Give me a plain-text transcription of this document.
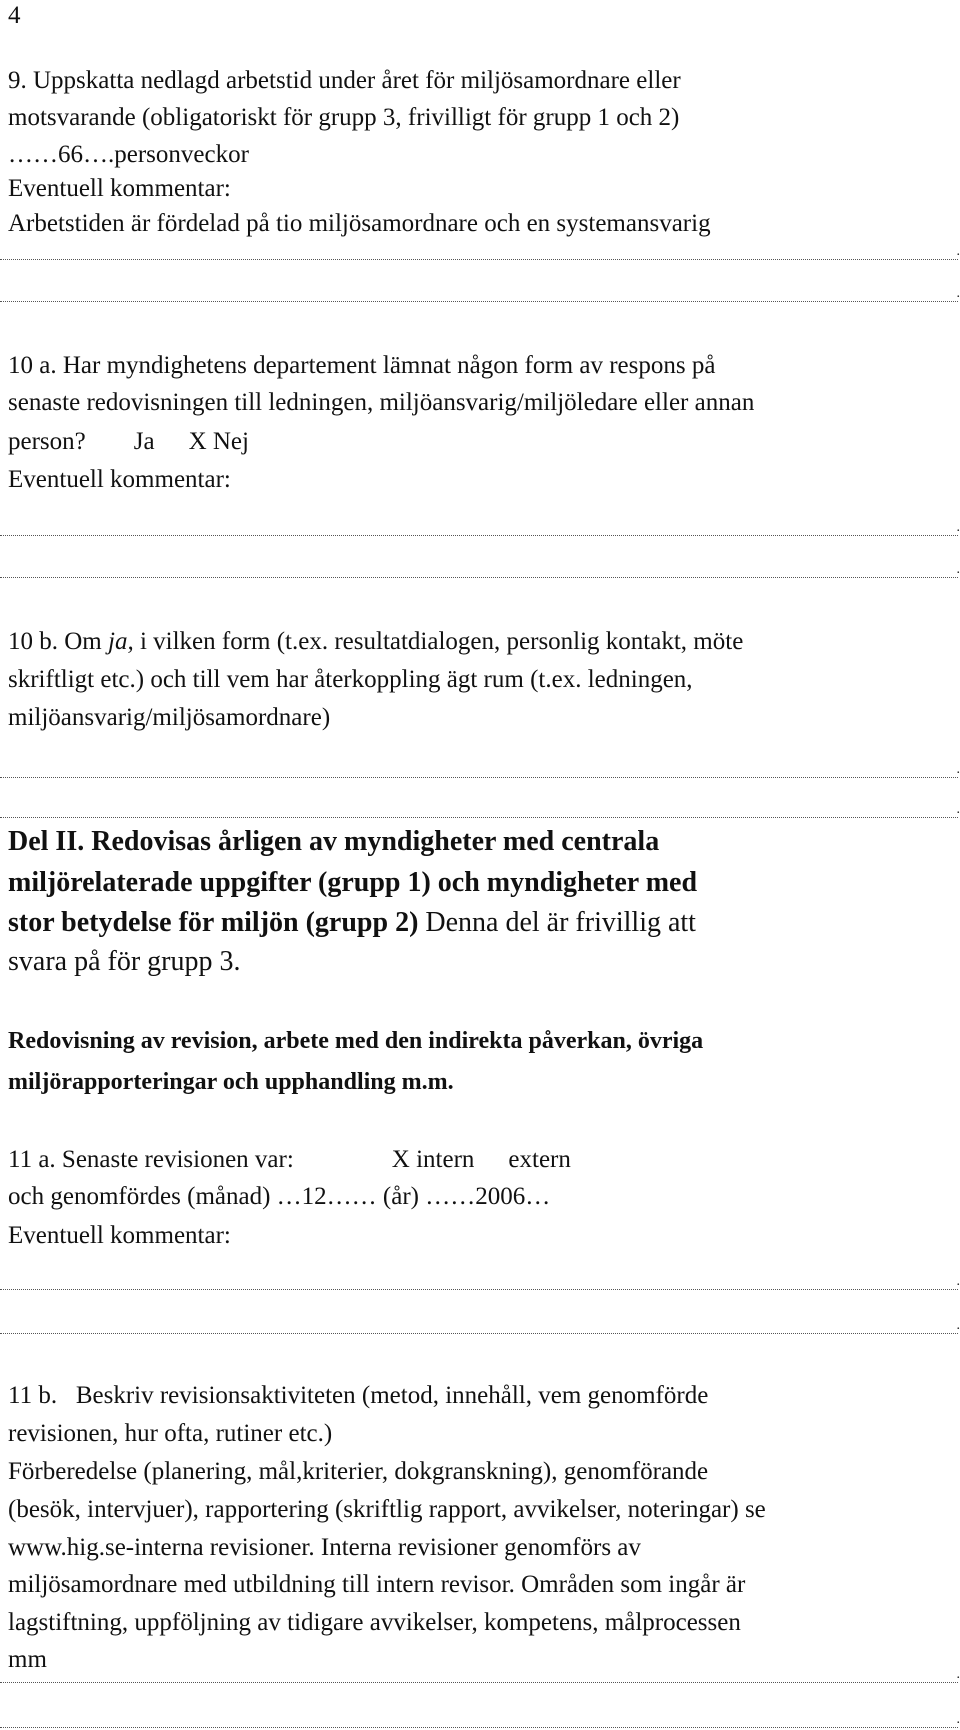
4
9. Uppskatta nedlagd arbetstid under året för miljösamordnare eller
motsvarande (obligatoriskt för grupp 3, frivilligt för grupp 1 och 2)
……66….personveckor
Eventuell kommentar:
Arbetstiden är fördelad på tio miljösamordnare och en systemansvarig
.
.
10 a. Har myndighetens departement lämnat någon form av respons på
senaste redovisningen till ledningen, miljöansvarig/miljöledare eller annan
person? Ja X Nej
Eventuell kommentar:
.
.
10 b. Om ja, i vilken form (t.ex. resultatdialogen, personlig kontakt, möte
skriftligt etc.) och till vem har återkoppling ägt rum (t.ex. ledningen,
miljöansvarig/miljösamordnare)
.
.
Del II. Redovisas årligen av myndigheter med centrala
miljörelaterade uppgifter (grupp 1) och myndigheter med
stor betydelse för miljön (grupp 2) Denna del är frivillig att
svara på för grupp 3.
Redovisning av revision, arbete med den indirekta påverkan, övriga
miljörapporteringar och upphandling m.m.
11 a. Senaste revisionen var:	X intern extern
och genomfördes (månad) …12…… (år) ……2006…
Eventuell kommentar:
.
.
11 b.   Beskriv revisionsaktiviteten (metod, innehåll, vem genomförde
revisionen, hur ofta, rutiner etc.)
Förberedelse (planering, mål,kriterier, dokgranskning), genomförande
(besök, intervjuer), rapportering (skriftlig rapport, avvikelser, noteringar) se
www.hig.se-interna revisioner. Interna revisioner genomförs av
miljösamordnare med utbildning till intern revisor. Områden som ingår är
lagstiftning, uppföljning av tidigare avvikelser, kompetens, målprocessen
mm
.
.
